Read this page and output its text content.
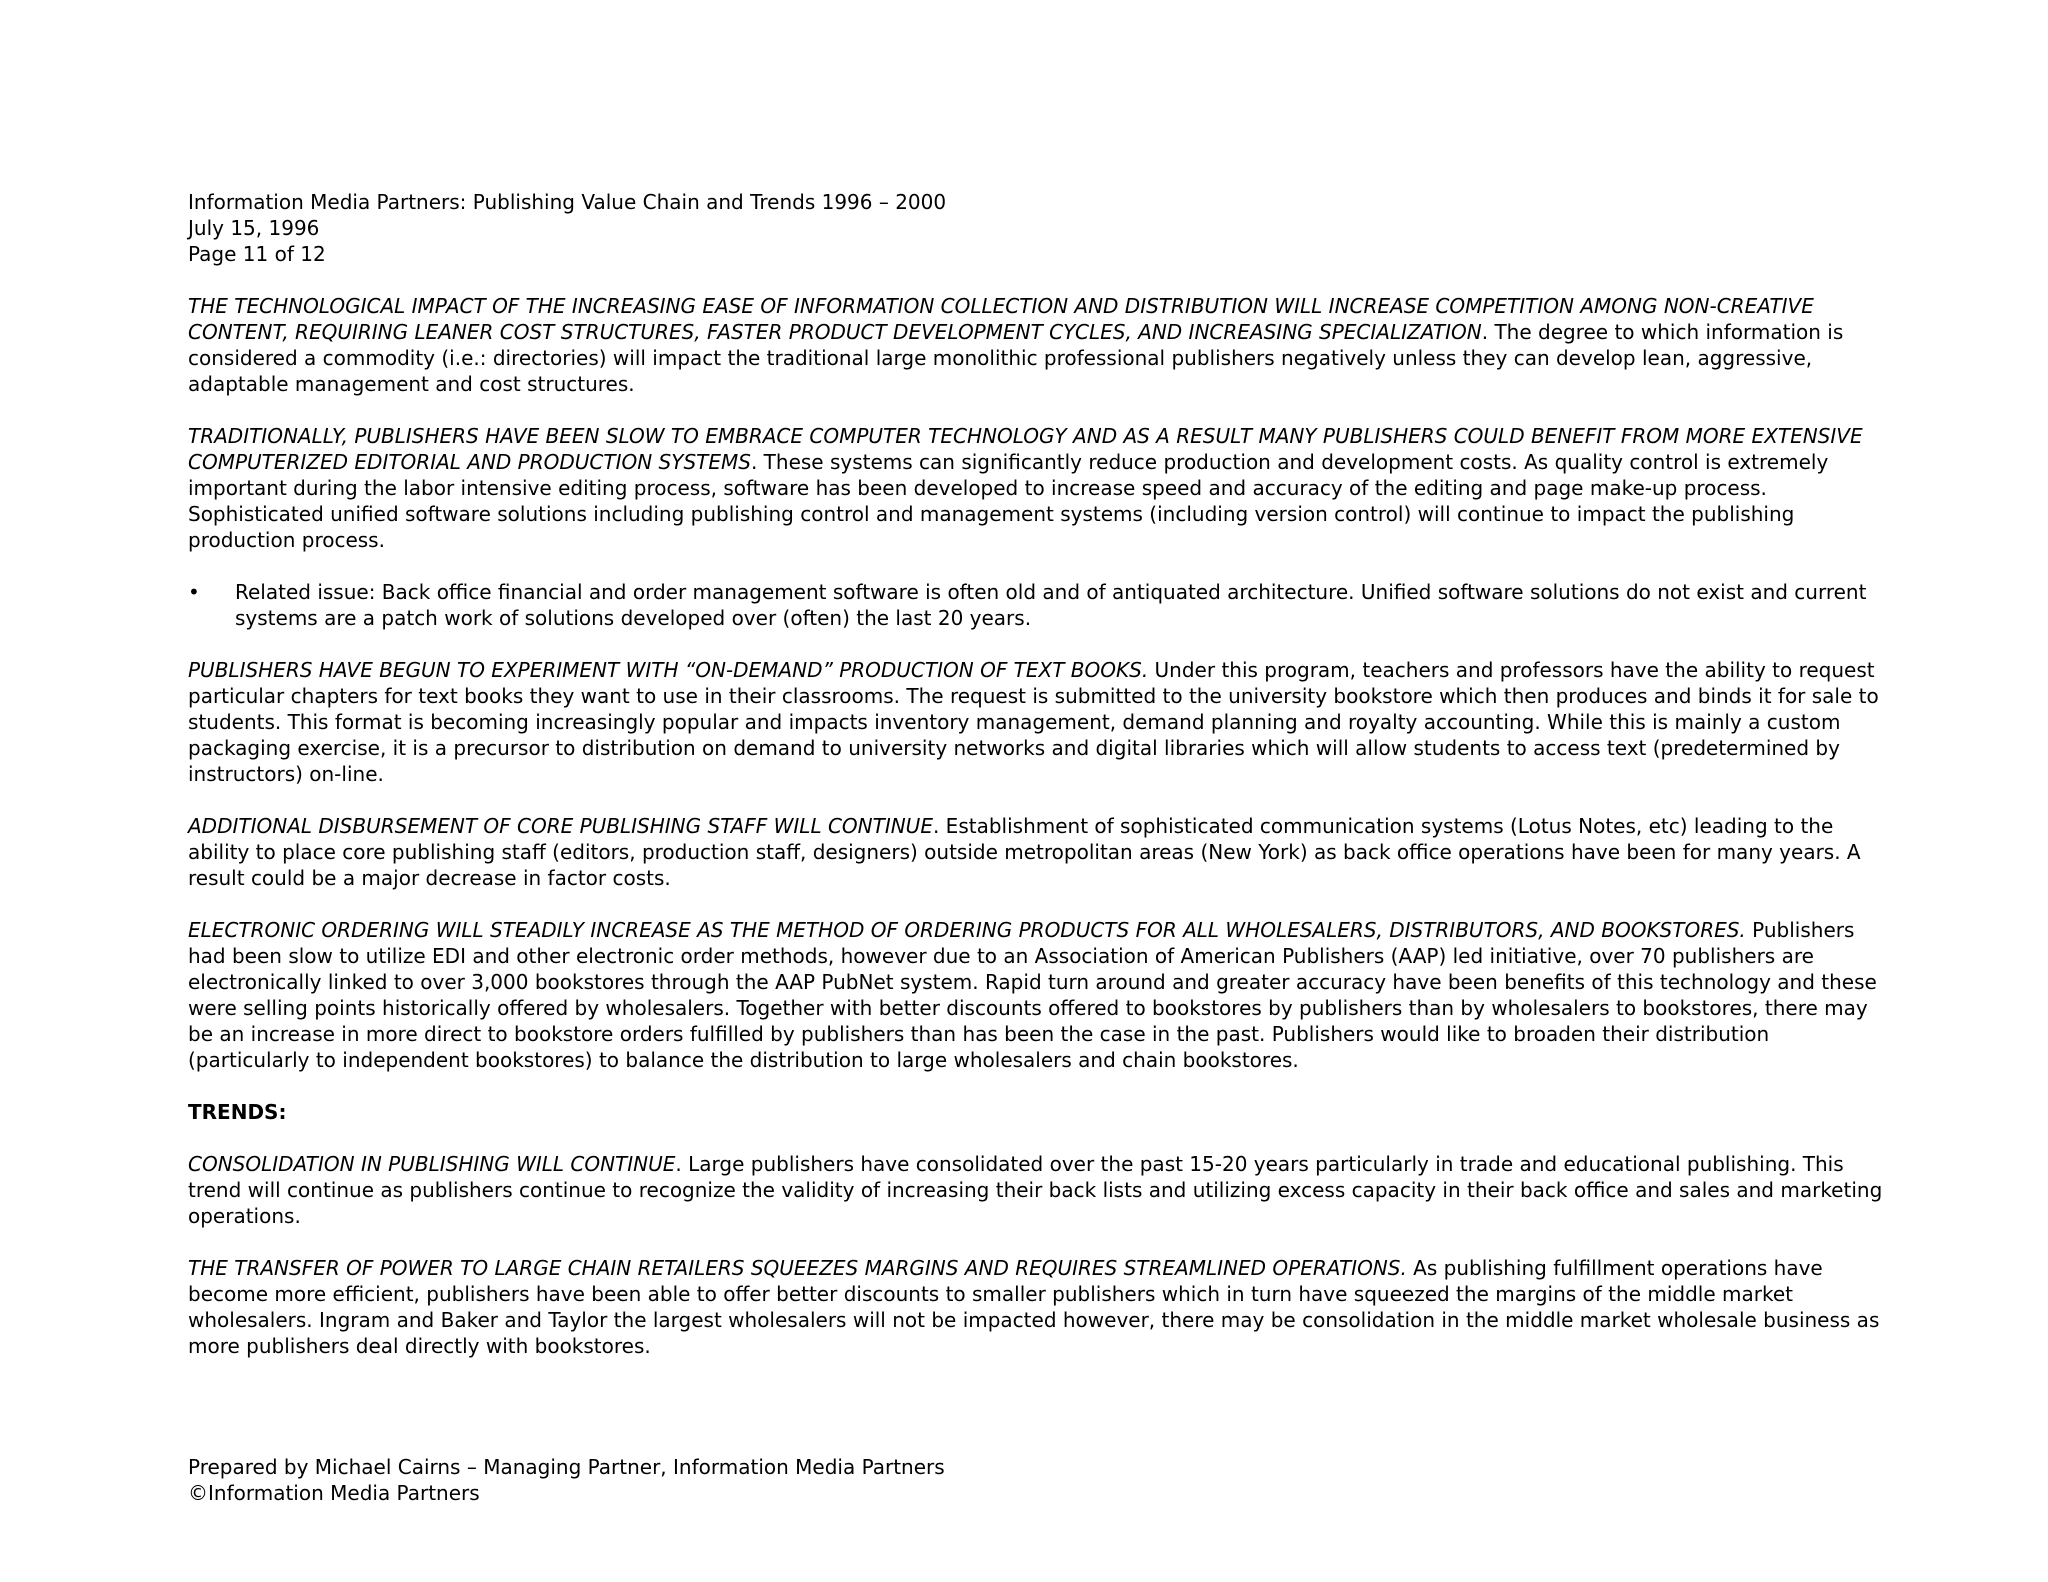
Information Media Partners: Publishing Value Chain and Trends 1996 – 2000
July 15, 1996
Page 11 of 12
THE TECHNOLOGICAL IMPACT OF THE INCREASING EASE OF INFORMATION COLLECTION AND DISTRIBUTION WILL INCREASE COMPETITION AMONG NON-CREATIVE CONTENT, REQUIRING LEANER COST STRUCTURES, FASTER PRODUCT DEVELOPMENT CYCLES, AND INCREASING SPECIALIZATION. The degree to which information is considered a commodity (i.e.: directories) will impact the traditional large monolithic professional publishers negatively unless they can develop lean, aggressive, adaptable management and cost structures.
TRADITIONALLY, PUBLISHERS HAVE BEEN SLOW TO EMBRACE COMPUTER TECHNOLOGY AND AS A RESULT MANY PUBLISHERS COULD BENEFIT FROM MORE EXTENSIVE COMPUTERIZED EDITORIAL AND PRODUCTION SYSTEMS. These systems can significantly reduce production and development costs. As quality control is extremely important during the labor intensive editing process, software has been developed to increase speed and accuracy of the editing and page make-up process. Sophisticated unified software solutions including publishing control and management systems (including version control) will continue to impact the publishing production process.
• Related issue: Back office financial and order management software is often old and of antiquated architecture. Unified software solutions do not exist and current systems are a patch work of solutions developed over (often) the last 20 years.
PUBLISHERS HAVE BEGUN TO EXPERIMENT WITH “ON-DEMAND” PRODUCTION OF TEXT BOOKS. Under this program, teachers and professors have the ability to request particular chapters for text books they want to use in their classrooms. The request is submitted to the university bookstore which then produces and binds it for sale to students. This format is becoming increasingly popular and impacts inventory management, demand planning and royalty accounting. While this is mainly a custom packaging exercise, it is a precursor to distribution on demand to university networks and digital libraries which will allow students to access text (predetermined by instructors) on-line.
ADDITIONAL DISBURSEMENT OF CORE PUBLISHING STAFF WILL CONTINUE. Establishment of sophisticated communication systems (Lotus Notes, etc) leading to the ability to place core publishing staff (editors, production staff, designers) outside metropolitan areas (New York) as back office operations have been for many years. A result could be a major decrease in factor costs.
ELECTRONIC ORDERING WILL STEADILY INCREASE AS THE METHOD OF ORDERING PRODUCTS FOR ALL WHOLESALERS, DISTRIBUTORS, AND BOOKSTORES. Publishers had been slow to utilize EDI and other electronic order methods, however due to an Association of American Publishers (AAP) led initiative, over 70 publishers are electronically linked to over 3,000 bookstores through the AAP PubNet system. Rapid turn around and greater accuracy have been benefits of this technology and these were selling points historically offered by wholesalers. Together with better discounts offered to bookstores by publishers than by wholesalers to bookstores, there may be an increase in more direct to bookstore orders fulfilled by publishers than has been the case in the past. Publishers would like to broaden their distribution (particularly to independent bookstores) to balance the distribution to large wholesalers and chain bookstores.
TRENDS:
CONSOLIDATION IN PUBLISHING WILL CONTINUE. Large publishers have consolidated over the past 15-20 years particularly in trade and educational publishing. This trend will continue as publishers continue to recognize the validity of increasing their back lists and utilizing excess capacity in their back office and sales and marketing operations.
THE TRANSFER OF POWER TO LARGE CHAIN RETAILERS SQUEEZES MARGINS AND REQUIRES STREAMLINED OPERATIONS. As publishing fulfillment operations have become more efficient, publishers have been able to offer better discounts to smaller publishers which in turn have squeezed the margins of the middle market wholesalers. Ingram and Baker and Taylor the largest wholesalers will not be impacted however, there may be consolidation in the middle market wholesale business as more publishers deal directly with bookstores.
Prepared by Michael Cairns – Managing Partner, Information Media Partners
©Information Media Partners
